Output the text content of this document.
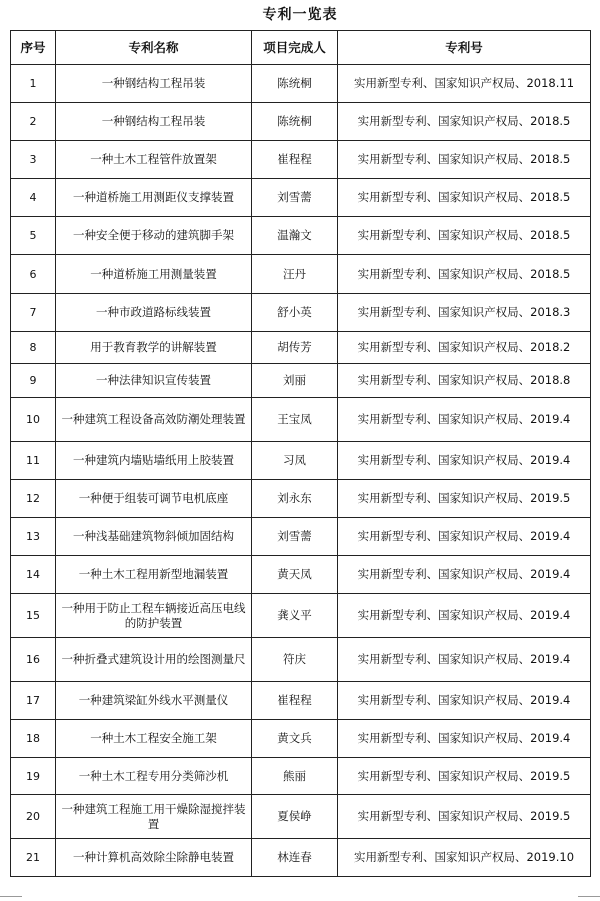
专利一览表
序号	专利名称	项目完成人	专利号
1	一种钢结构工程吊装	陈统桐	实用新型专利、国家知识产权局、2018.11
2	一种钢结构工程吊装	陈统桐	实用新型专利、国家知识产权局、2018.5
3	一种土木工程管件放置架	崔程程	实用新型专利、国家知识产权局、2018.5
4	一种道桥施工用测距仪支撑装置	刘雪薷	实用新型专利、国家知识产权局、2018.5
5	一种安全便于移动的建筑脚手架	温瀚文	实用新型专利、国家知识产权局、2018.5
6	一种道桥施工用测量装置	汪丹	实用新型专利、国家知识产权局、2018.5
7	一种市政道路标线装置	舒小英	实用新型专利、国家知识产权局、2018.3
8	用于教育教学的讲解装置	胡传芳	实用新型专利、国家知识产权局、2018.2
9	一种法律知识宣传装置	刘丽	实用新型专利、国家知识产权局、2018.8
10	一种建筑工程设备高效防潮处理装置	王宝凤	实用新型专利、国家知识产权局、2019.4
11	一种建筑内墙贴墙纸用上胶装置	习凤	实用新型专利、国家知识产权局、2019.4
12	一种便于组装可调节电机底座	刘永东	实用新型专利、国家知识产权局、2019.5
13	一种浅基础建筑物斜倾加固结构	刘雪薷	实用新型专利、国家知识产权局、2019.4
14	一种土木工程用新型地漏装置	黄天凤	实用新型专利、国家知识产权局、2019.4
15	一种用于防止工程车辆接近高压电线的防护装置	龚义平	实用新型专利、国家知识产权局、2019.4
16	一种折叠式建筑设计用的绘图测量尺	符庆	实用新型专利、国家知识产权局、2019.4
17	一种建筑梁缸外线水平测量仪	崔程程	实用新型专利、国家知识产权局、2019.4
18	一种土木工程安全施工架	黄文兵	实用新型专利、国家知识产权局、2019.4
19	一种土木工程专用分类筛沙机	熊丽	实用新型专利、国家知识产权局、2019.5
20	一种建筑工程施工用干燥除湿搅拌装置	夏侯峥	实用新型专利、国家知识产权局、2019.5
21	一种计算机高效除尘除静电装置	林连春	实用新型专利、国家知识产权局、2019.10
